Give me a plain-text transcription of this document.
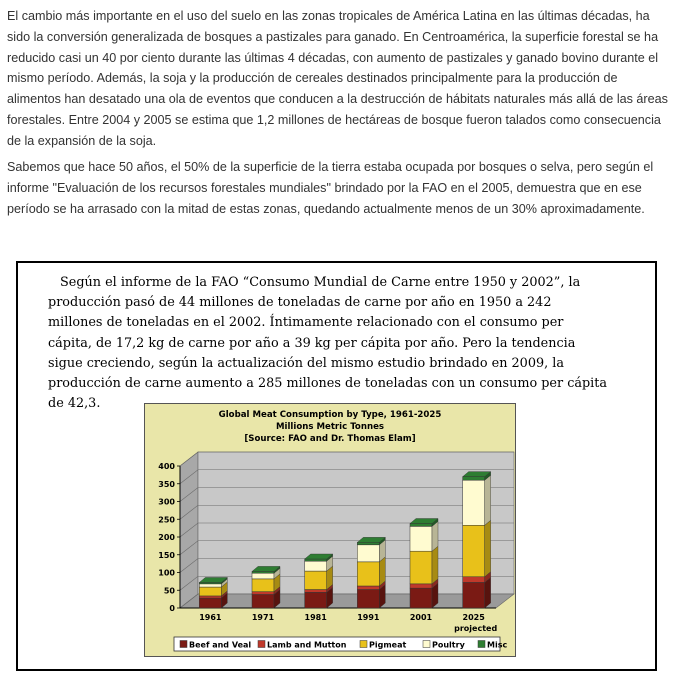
El cambio más importante en el uso del suelo en las zonas tropicales de América Latina en las últimas décadas, ha sido la conversión generalizada de bosques a pastizales para ganado. En Centroamérica, la superficie forestal se ha reducido casi un 40 por ciento durante las últimas 4 décadas, con aumento de pastizales y ganado bovino durante el mismo período. Además, la soja y la producción de cereales destinados principalmente para la producción de alimentos han desatado una ola de eventos que conducen a la destrucción de hábitats naturales más allá de las áreas forestales. Entre 2004 y 2005 se estima que 1,2 millones de hectáreas de bosque fueron talados como consecuencia de la expansión de la soja.

Sabemos que hace 50 años, el 50% de la superficie de la tierra estaba ocupada por bosques o selva, pero según el informe "Evaluación de los recursos forestales mundiales" brindado por la FAO en el 2005, demuestra que en ese período se ha arrasado con la mitad de estas zonas, quedando actualmente menos de un 30% aproximadamente.

Según el informe de la FAO “Consumo Mundial de Carne entre 1950 y 2002”, la producción pasó de 44 millones de toneladas de carne por año en 1950 a 242 millones de toneladas en el 2002. Íntimamente relacionado con el consumo per cápita, de 17,2 kg de carne por año a 39 kg per cápita por año. Pero la tendencia sigue creciendo, según la actualización del mismo estudio brindado en 2009, la producción de carne aumento a 285 millones de toneladas con un consumo per cápita de 42,3.

Global Meat Consumption by Type, 1961-2025
Millions Metric Tonnes
[Source: FAO and Dr. Thomas Elam]
0
50
100
150
200
250
300
350
400
1961	1971	1981	1991	2001	2025
projected
Beef and Veal Lamb and Mutton	Pigmeat	Poultry	Misc
